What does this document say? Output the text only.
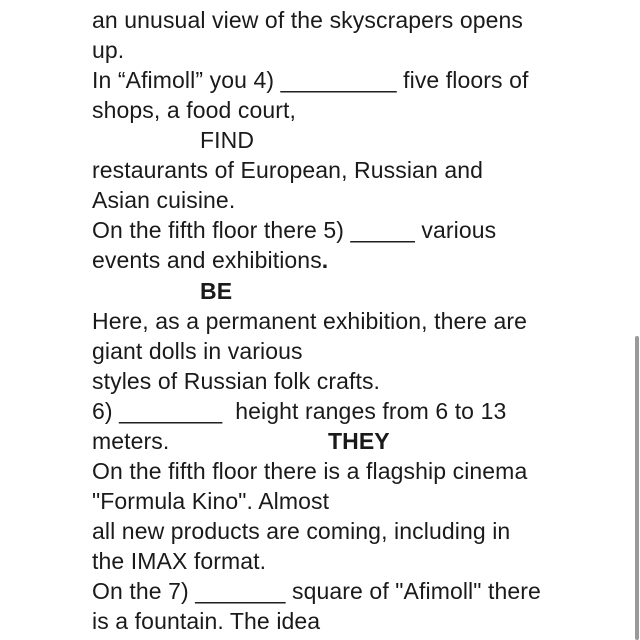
an unusual view of the skyscrapers opens
up.
In “Afimoll” you 4) _________ five floors of
shops, a food court,
FIND
restaurants of European, Russian and
Asian cuisine.
On the fifth floor there 5) _____ various
events and exhibitions.
BE
Here, as a permanent exhibition, there are
giant dolls in various
styles of Russian folk crafts.
6) ________  height ranges from 6 to 13
meters.	THEY
On the fifth floor there is a flagship cinema
"Formula Kino". Almost
all new products are coming, including in
the IMAX format.
On the 7) _______ square of "Afimoll" there
is a fountain. The idea
